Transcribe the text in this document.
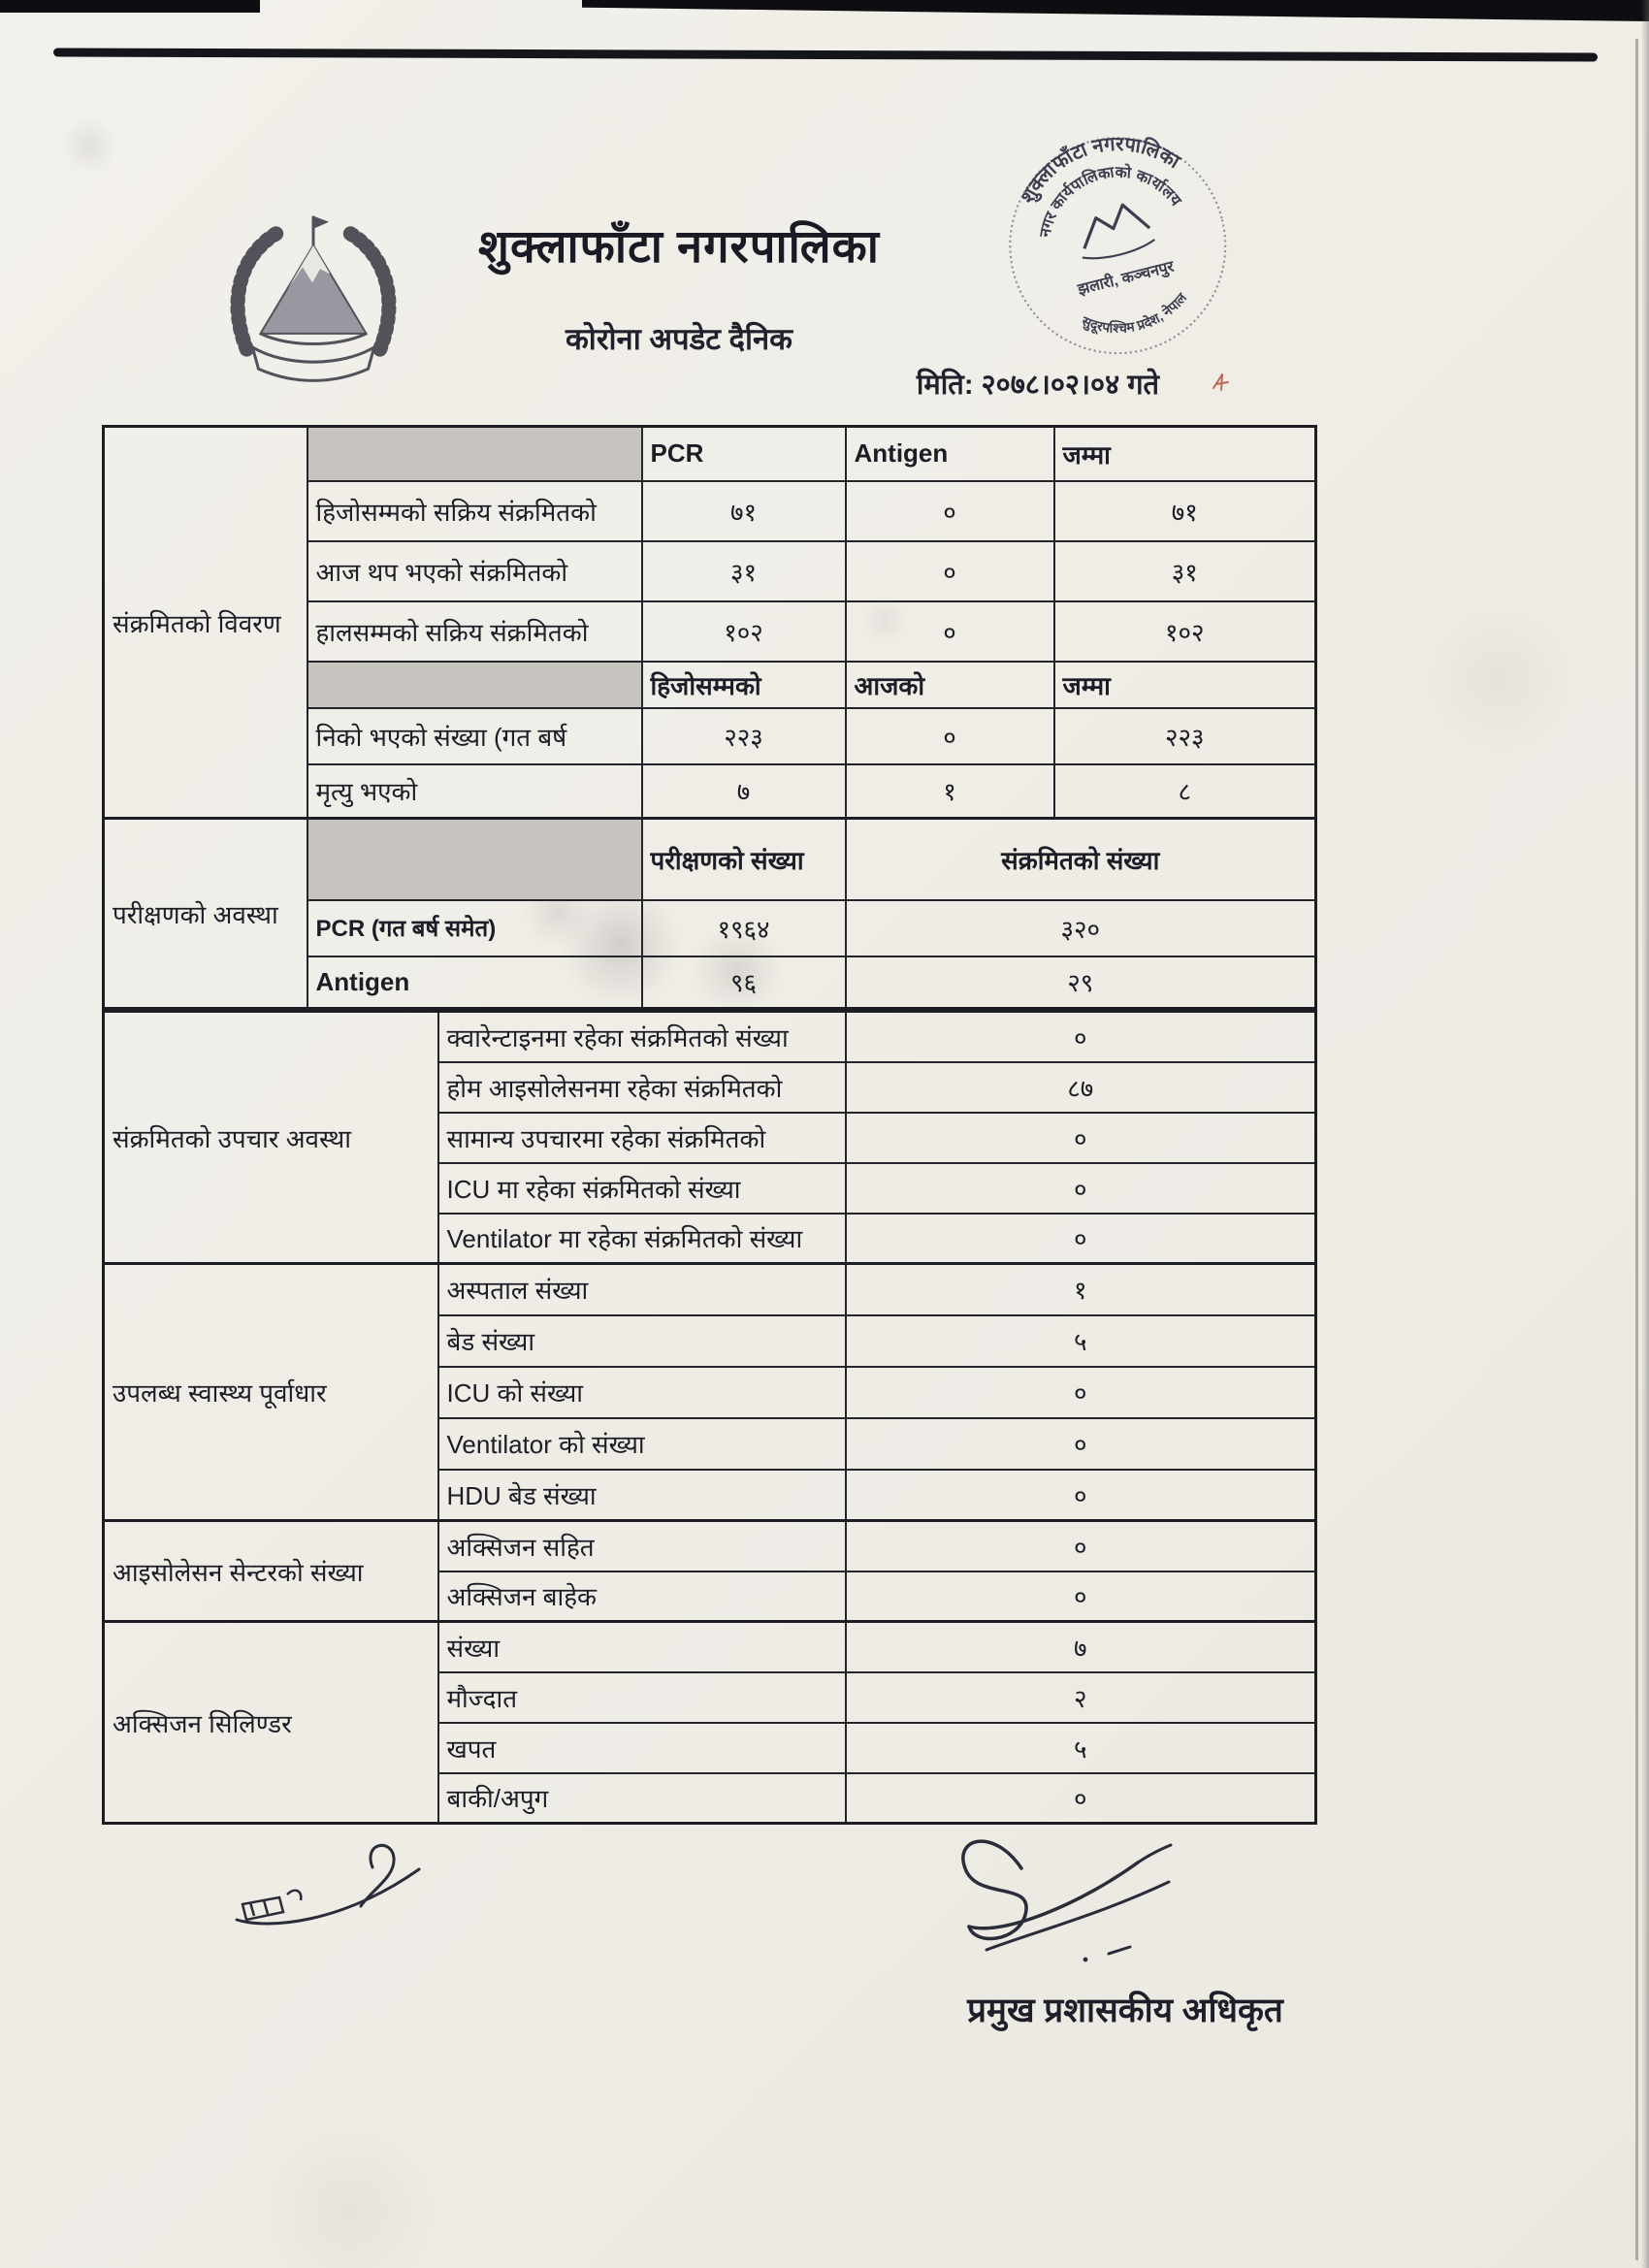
शुक्लाफाँटा नगरपालिका
कोरोना अपडेट दैनिक
शुक्लाफाँटा नगरपालिका
नगर कार्यपालिकाको कार्यालय
झलारी, कञ्चनपुर
सुदूरपश्चिम प्रदेश, नेपाल
मिति: २०७८।०२।०४ गते
संक्रमितको विवरण		PCR	Antigen	जम्मा
	हिजोसम्मको सक्रिय संक्रमितको	७१	०	७१
	आज थप भएको संक्रमितको	३१	०	३१
	हालसम्मको सक्रिय संक्रमितको	१०२	०	१०२
		हिजोसम्मको	आजको	जम्मा
	निको भएको संख्या (गत बर्ष	२२३	०	२२३
	मृत्यु भएको	७	१	८
परीक्षणको अवस्था		परीक्षणको संख्या	संक्रमितको संख्या	
	PCR (गत बर्ष समेत)	१९६४	३२०	
	Antigen	९६	२९	
संक्रमितको उपचार अवस्था	क्वारेन्टाइनमा रहेका संक्रमितको संख्या	०
	होम आइसोलेसनमा रहेका संक्रमितको	८७
	सामान्य उपचारमा रहेका संक्रमितको	०
	ICU मा रहेका संक्रमितको संख्या	०
	Ventilator मा रहेका संक्रमितको संख्या	०
उपलब्ध स्वास्थ्य पूर्वाधार	अस्पताल संख्या	१
	बेड संख्या	५
	ICU को संख्या	०
	Ventilator को संख्या	०
	HDU बेड संख्या	०
आइसोलेसन सेन्टरको संख्या	अक्सिजन सहित	०
	अक्सिजन बाहेक	०
अक्सिजन सिलिण्डर	संख्या	७
	मौज्दात	२
	खपत	५
	बाकी/अपुग	०
प्रमुख प्रशासकीय अधिकृत
